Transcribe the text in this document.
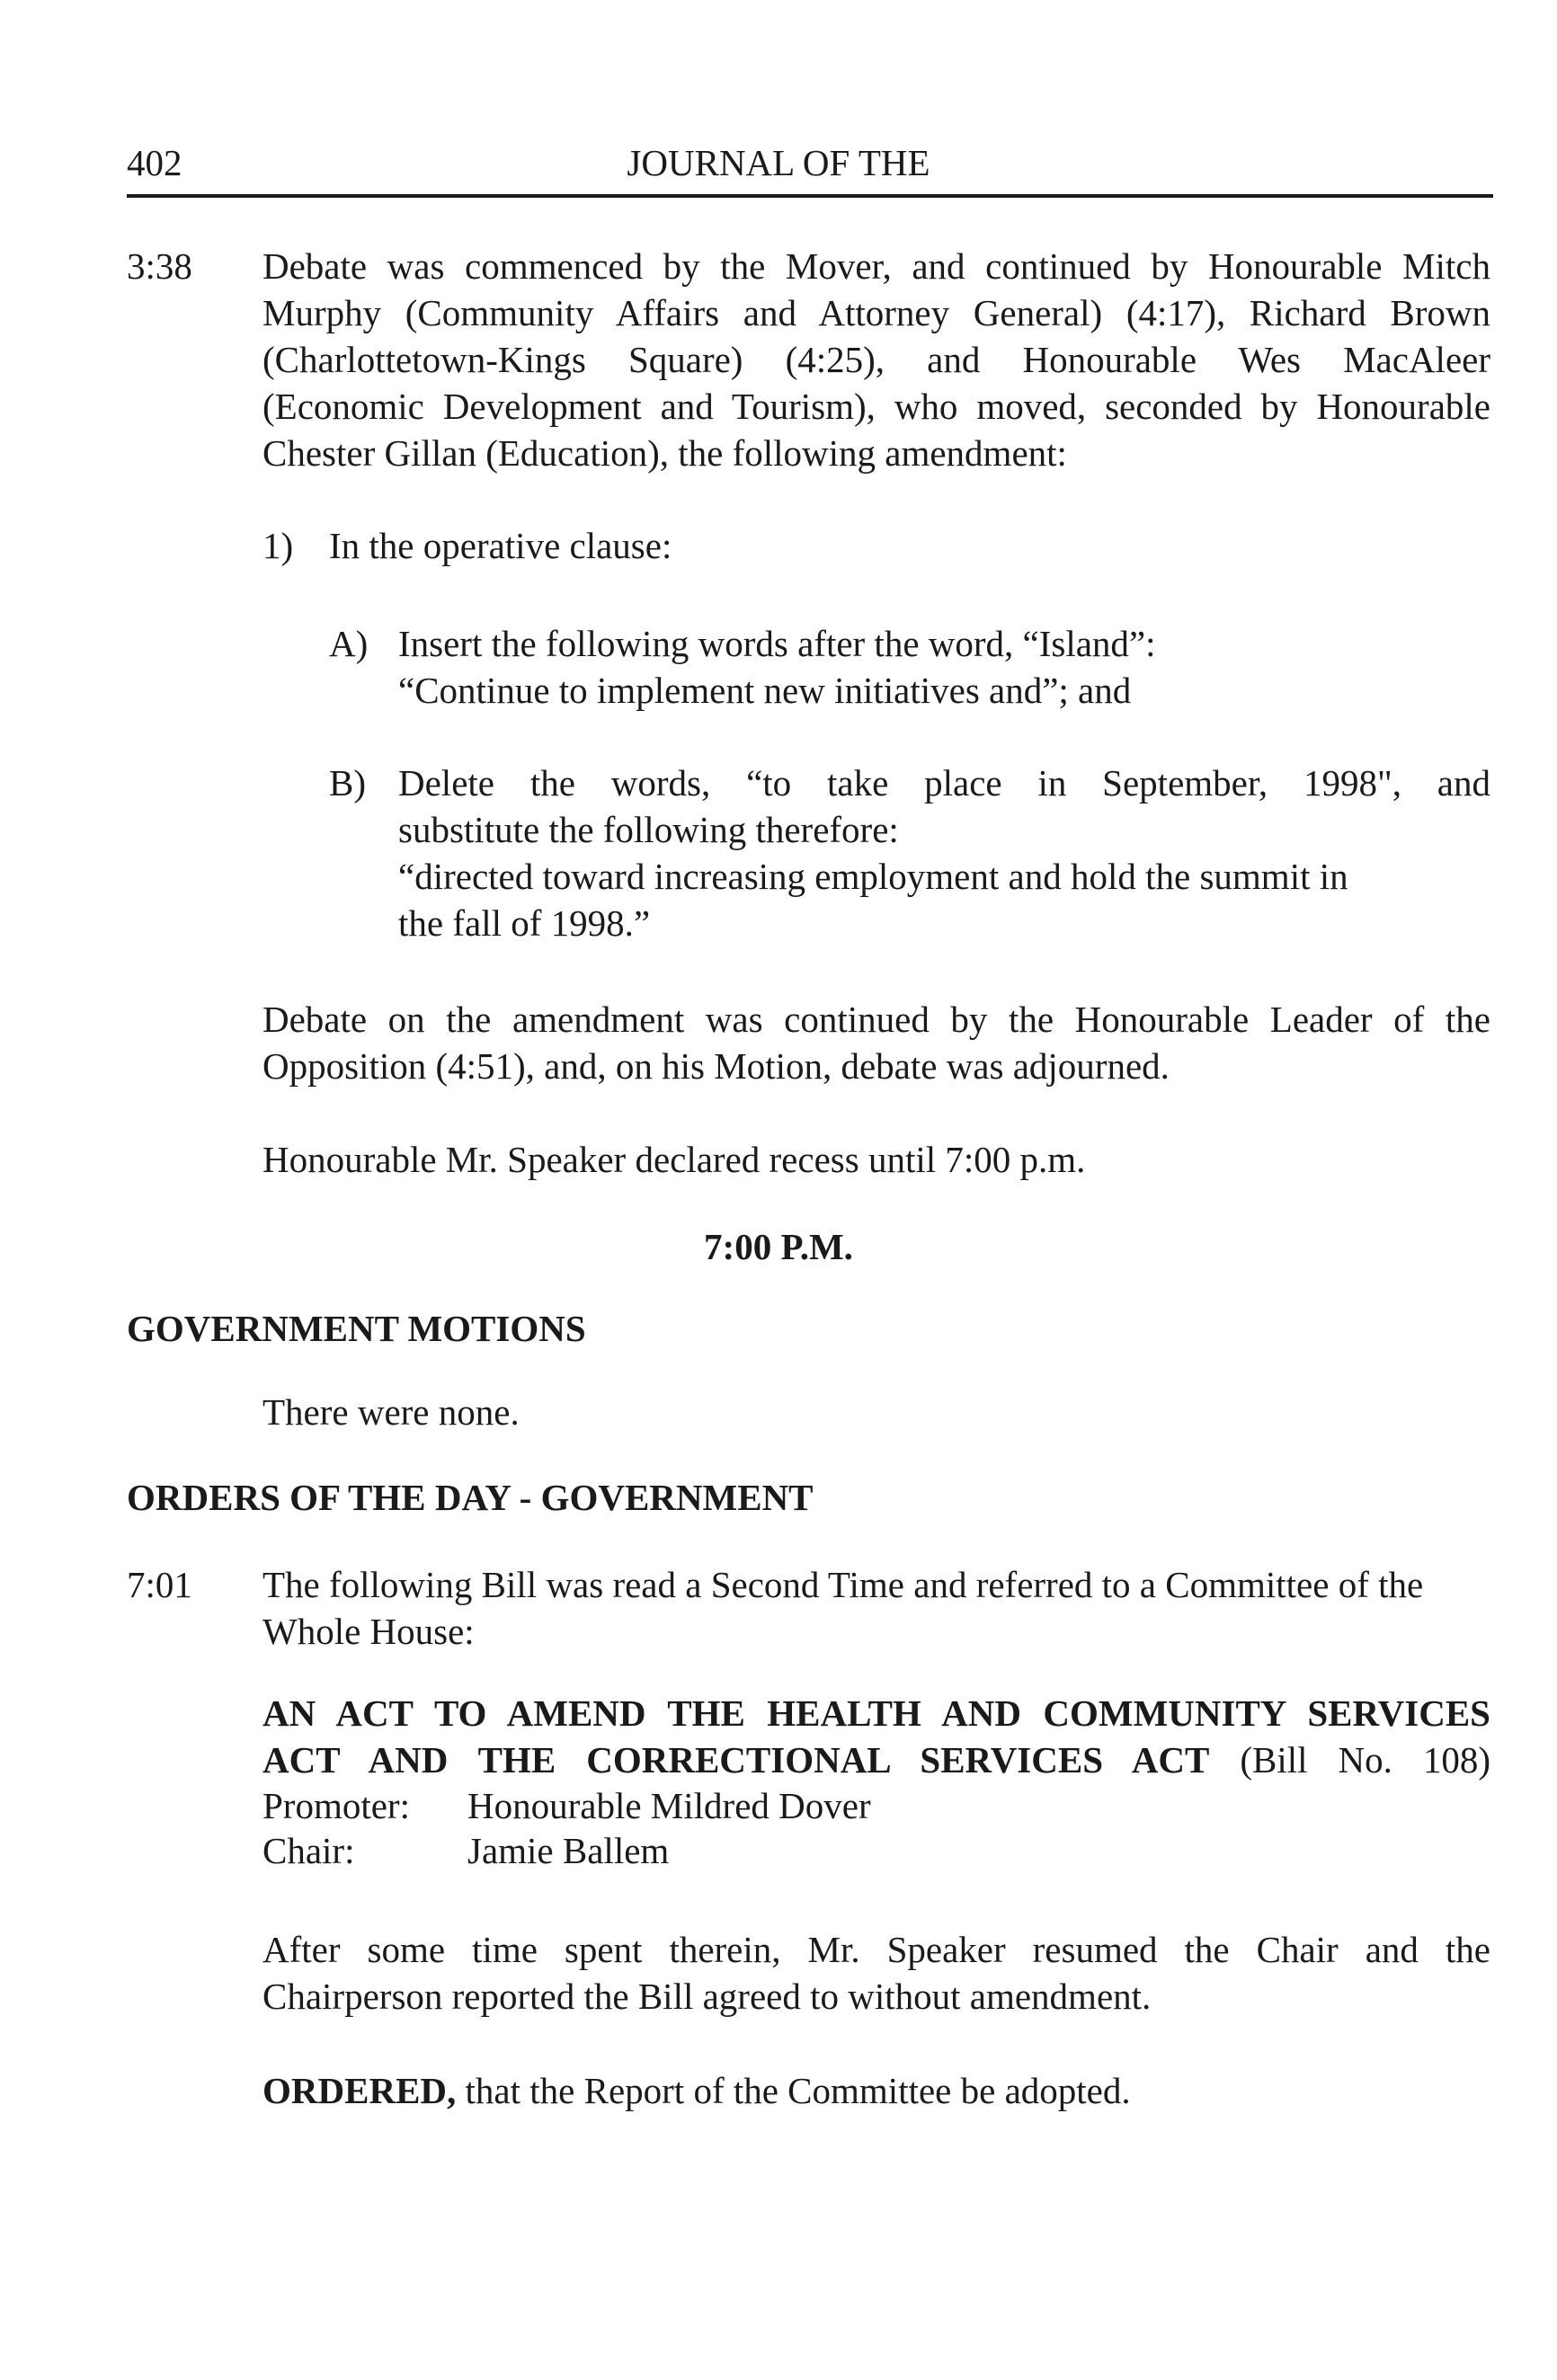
402	JOURNAL OF THE
3:38 Debate was commenced by the Mover, and continued by Honourable Mitch
Murphy (Community Affairs and Attorney General) (4:17), Richard Brown
(Charlottetown-Kings Square) (4:25), and Honourable Wes MacAleer
(Economic Development and Tourism), who moved, seconded by Honourable
Chester Gillan (Education), the following amendment:
1) In the operative clause:
A) Insert the following words after the word, “Island”:
“Continue to implement new initiatives and”; and
B) Delete the words, “to take place in September, 1998", and
substitute the following therefore:
“directed toward increasing employment and hold the summit in
the fall of 1998.”
Debate on the amendment was continued by the Honourable Leader of the
Opposition (4:51), and, on his Motion, debate was adjourned.
Honourable Mr. Speaker declared recess until 7:00 p.m.
7:00 P.M.
GOVERNMENT MOTIONS
There were none.
ORDERS OF THE DAY - GOVERNMENT
7:01 The following Bill was read a Second Time and referred to a Committee of the
Whole House:
AN ACT TO AMEND THE HEALTH AND COMMUNITY SERVICES
ACT AND THE CORRECTIONAL SERVICES ACT (Bill No. 108)
Promoter: Honourable Mildred Dover
Chair:	Jamie Ballem
After some time spent therein, Mr. Speaker resumed the Chair and the
Chairperson reported the Bill agreed to without amendment.
ORDERED, that the Report of the Committee be adopted.
